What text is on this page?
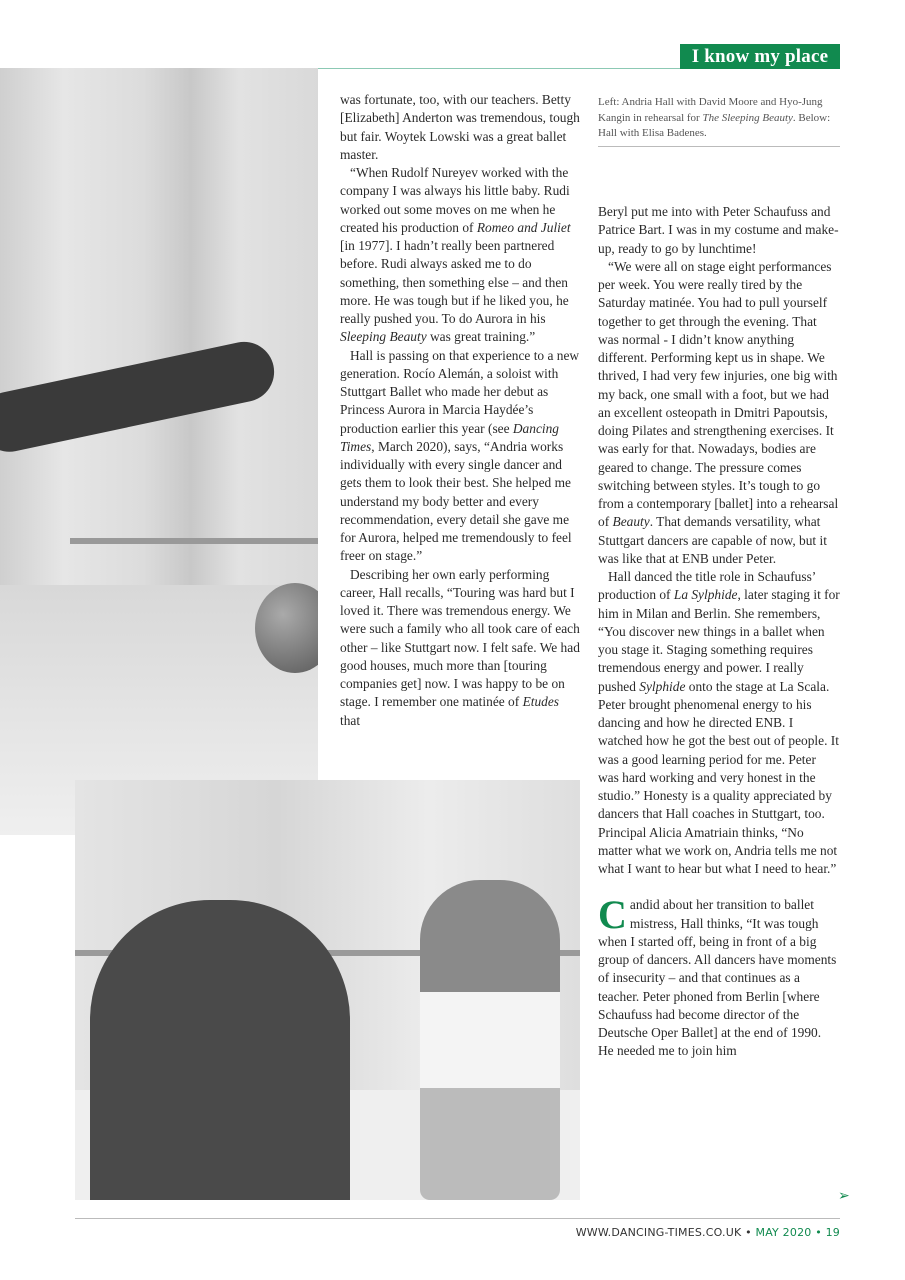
I know my place
Left: Andria Hall with David Moore and Hyo-Jung Kangin in rehearsal for The Sleeping Beauty. Below: Hall with Elisa Badenes.

was fortunate, too, with our teachers. Betty [Elizabeth] Anderton was tremendous, tough but fair. Woytek Lowski was a great ballet master.

“When Rudolf Nureyev worked with the company I was always his little baby. Rudi worked out some moves on me when he created his production of Romeo and Juliet [in 1977]. I hadn’t really been partnered before. Rudi always asked me to do something, then something else – and then more. He was tough but if he liked you, he really pushed you. To do Aurora in his Sleeping Beauty was great training.”

Hall is passing on that experience to a new generation. Rocío Alemán, a soloist with Stuttgart Ballet who made her debut as Princess Aurora in Marcia Haydée’s production earlier this year (see Dancing Times, March 2020), says, “Andria works individually with every single dancer and gets them to look their best. She helped me understand my body better and every recommendation, every detail she gave me for Aurora, helped me tremendously to feel freer on stage.”

Describing her own early performing career, Hall recalls, “Touring was hard but I loved it. There was tremendous energy. We were such a family who all took care of each other – like Stuttgart now. I felt safe. We had good houses, much more than [touring companies get] now. I was happy to be on stage. I remember one matinée of Etudes that

Beryl put me into with Peter Schaufuss and Patrice Bart. I was in my costume and make-up, ready to go by lunchtime!

“We were all on stage eight performances per week. You were really tired by the Saturday matinée. You had to pull yourself together to get through the evening. That was normal - I didn’t know anything different. Performing kept us in shape. We thrived, I had very few injuries, one big with my back, one small with a foot, but we had an excellent osteopath in Dmitri Papoutsis, doing Pilates and strengthening exercises. It was early for that. Nowadays, bodies are geared to change. The pressure comes switching between styles. It’s tough to go from a contemporary [ballet] into a rehearsal of Beauty. That demands versatility, what Stuttgart dancers are capable of now, but it was like that at ENB under Peter.

Hall danced the title role in Schaufuss’ production of La Sylphide, later staging it for him in Milan and Berlin. She remembers, “You discover new things in a ballet when you stage it. Staging something requires tremendous energy and power. I really pushed Sylphide onto the stage at La Scala. Peter brought phenomenal energy to his dancing and how he directed ENB. I watched how he got the best out of people. It was a good learning period for me. Peter was hard working and very honest in the studio.” Honesty is a quality appreciated by dancers that Hall coaches in Stuttgart, too. Principal Alicia Amatriain thinks, “No matter what we work on, Andria tells me not what I want to hear but what I need to hear.”

Candid about her transition to ballet mistress, Hall thinks, “It was tough when I started off, being in front of a big group of dancers. All dancers have moments of insecurity – and that continues as a teacher. Peter phoned from Berlin [where Schaufuss had become director of the Deutsche Oper Ballet] at the end of 1990. He needed me to join him

➢
WWW.DANCING-TIMES.CO.UK • MAY 2020 • 19
